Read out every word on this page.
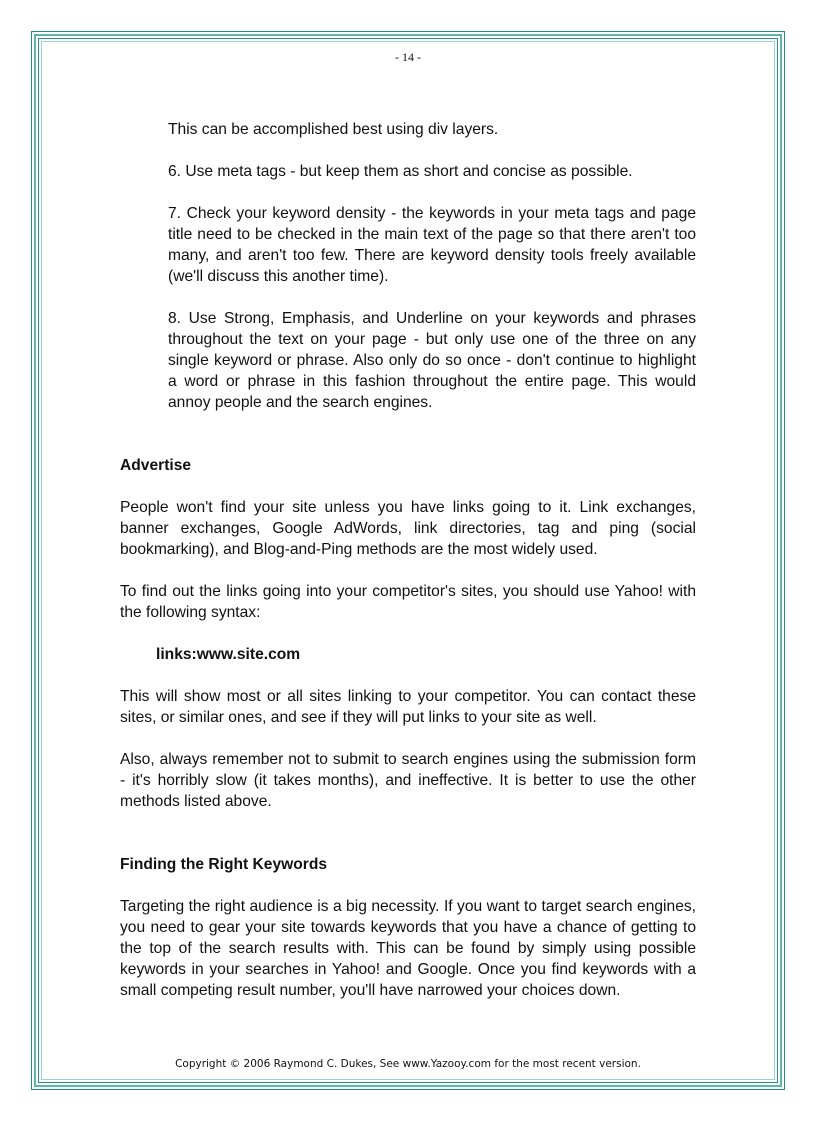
- 14 -

This can be accomplished best using div layers.

6. Use meta tags - but keep them as short and concise as possible.

7. Check your keyword density - the keywords in your meta tags and page title need to be checked in the main text of the page so that there aren't too many, and aren't too few. There are keyword density tools freely available (we'll discuss this another time).

8. Use Strong, Emphasis, and Underline on your keywords and phrases throughout the text on your page - but only use one of the three on any single keyword or phrase. Also only do so once - don't continue to highlight a word or phrase in this fashion throughout the entire page. This would annoy people and the search engines.

Advertise

People won't find your site unless you have links going to it. Link exchanges, banner exchanges, Google AdWords, link directories, tag and ping (social bookmarking), and Blog-and-Ping methods are the most widely used.

To find out the links going into your competitor's sites, you should use Yahoo! with the following syntax:

links:www.site.com

This will show most or all sites linking to your competitor. You can contact these sites, or similar ones, and see if they will put links to your site as well.

Also, always remember not to submit to search engines using the submission form - it's horribly slow (it takes months), and ineffective. It is better to use the other methods listed above.

Finding the Right Keywords

Targeting the right audience is a big necessity. If you want to target search engines, you need to gear your site towards keywords that you have a chance of getting to the top of the search results with. This can be found by simply using possible keywords in your searches in Yahoo! and Google. Once you find keywords with a small competing result number, you'll have narrowed your choices down.

Copyright © 2006 Raymond C. Dukes, See www.Yazooy.com for the most recent version.
